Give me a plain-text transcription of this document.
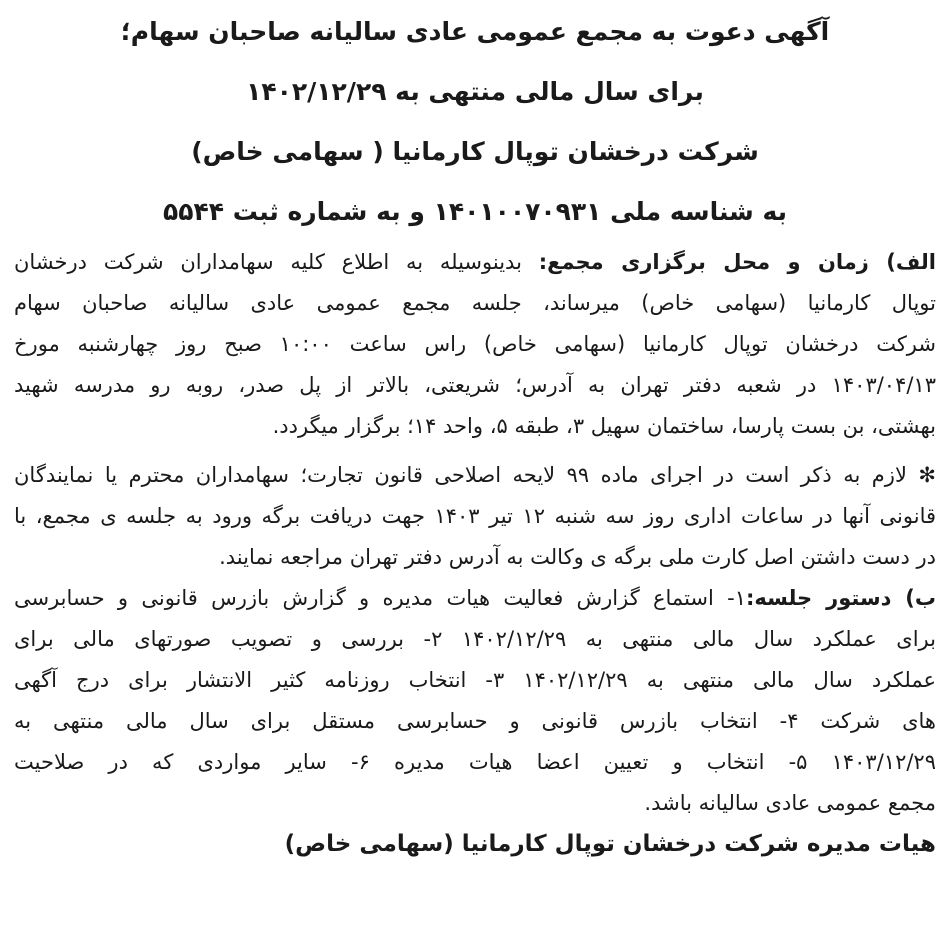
آگهی دعوت به مجمع عمومی عادی سالیانه صاحبان سهام؛
برای سال مالی منتهی به ۱۴۰۲/۱۲/۲۹
شرکت درخشان توپال کارمانیا ( سهامی خاص)
به شناسه ملی ۱۴۰۱۰۰۷۰۹۳۱ و به شماره ثبت ۵۵۴۴
الف) زمان و محل برگزاری مجمع: بدینوسیله به اطلاع کلیه سهامداران شرکت درخشان
توپال کارمانیا (سهامی خاص) میرساند، جلسه مجمع عمومی عادی سالیانه صاحبان سهام
شرکت درخشان توپال کارمانیا (سهامی خاص) راس ساعت ۱۰:۰۰ صبح روز چهارشنبه مورخ
۱۴۰۳/۰۴/۱۳ در شعبه دفتر تهران به آدرس؛ شریعتی، بالاتر از پل صدر، روبه رو مدرسه شهید
بهشتی، بن بست پارسا، ساختمان سهیل ۳، طبقه ۵، واحد ۱۴؛ برگزار میگردد.
✻ لازم به ذکر است در اجرای ماده ۹۹ لایحه اصلاحی قانون تجارت؛ سهامداران محترم یا نمایندگان
قانونی آنها در ساعات اداری روز سه شنبه ۱۲ تیر ۱۴۰۳ جهت دریافت برگه ورود به جلسه ی مجمع، با
در دست داشتن اصل کارت ملی برگه ی وکالت به آدرس دفتر تهران مراجعه نمایند.
ب) دستور جلسه:۱- استماع گزارش فعالیت هیات مدیره و گزارش بازرس قانونی و حسابرسی
برای عملکرد سال مالی منتهی به ۱۴۰۲/۱۲/۲۹ ۲- بررسی و تصویب صورتهای مالی برای
عملکرد سال مالی منتهی به ۱۴۰۲/۱۲/۲۹ ۳- انتخاب روزنامه کثیر الانتشار برای درج آگهی
های شرکت ۴- انتخاب بازرس قانونی و حسابرسی مستقل برای سال مالی منتهی به
۱۴۰۳/۱۲/۲۹ ۵- انتخاب و تعیین اعضا هیات مدیره ۶- سایر مواردی که در صلاحیت
مجمع عمومی عادی سالیانه باشد.
هیات مدیره شرکت درخشان توپال کارمانیا (سهامی خاص)
